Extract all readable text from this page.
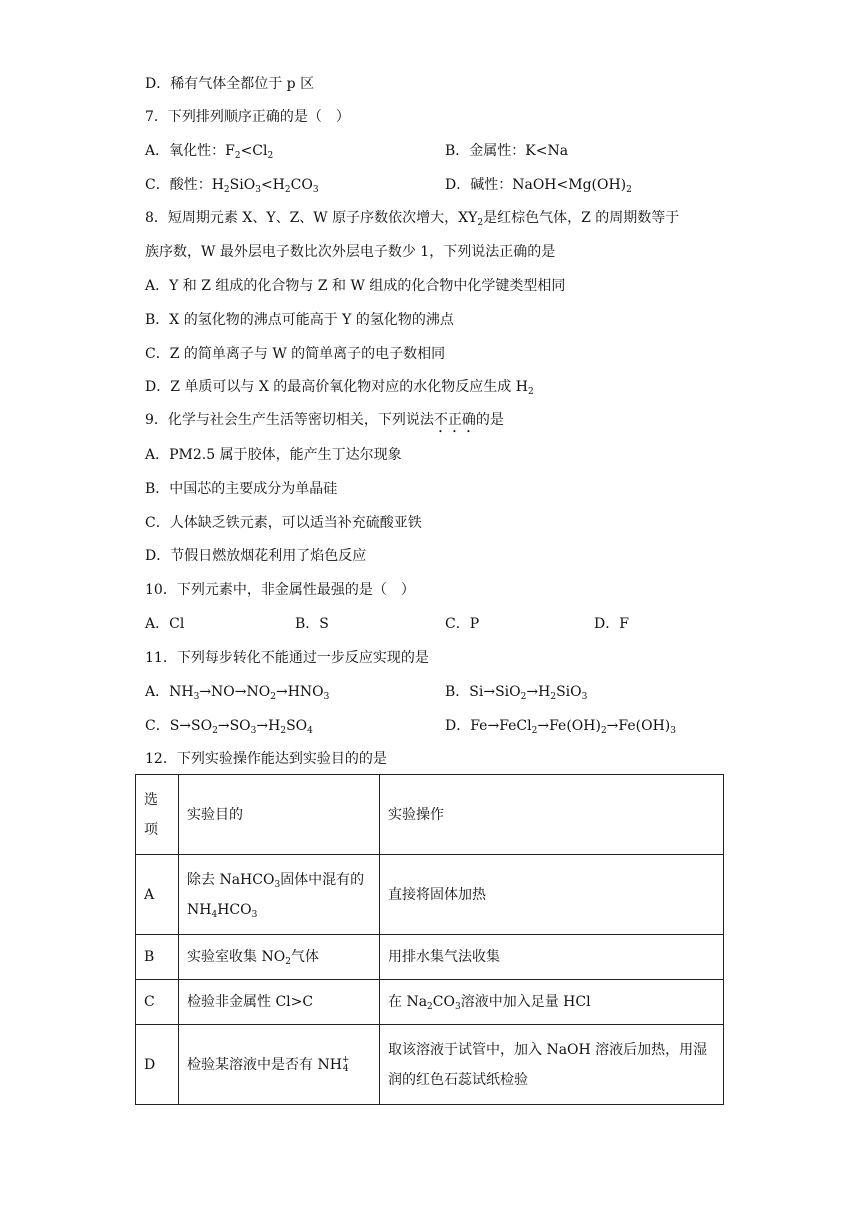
D．稀有气体全都位于 p 区
7．下列排列顺序正确的是（　）
A．氧化性：$F_2<Cl_2$	B．金属性：K<Na
C．酸性：$H_2SiO_3<H_2CO_3$	D．碱性：$NaOH<Mg(OH)_2$
8．短周期元素 X、Y、Z、W 原子序数依次增大，$XY_2$是红棕色气体，Z 的周期数等于
族序数，W 最外层电子数比次外层电子数少 1，下列说法正确的是
A．Y 和 Z 组成的化合物与 Z 和 W 组成的化合物中化学键类型相同
B．X 的氢化物的沸点可能高于 Y 的氢化物的沸点
C．Z 的简单离子与 W 的简单离子的电子数相同
D．Z 单质可以与 X 的最高价氧化物对应的水化物反应生成 $H_2$
9．化学与社会生产生活等密切相关，下列说法不正确的是
A．PM2.5 属于胶体，能产生丁达尔现象
B．中国芯的主要成分为单晶硅
C．人体缺乏铁元素，可以适当补充硫酸亚铁
D．节假日燃放烟花利用了焰色反应
10．下列元素中，非金属性最强的是（　）
A．Cl	B．S	C．P	D．F
11．下列每步转化不能通过一步反应实现的是
A．$NH_3\to NO\to NO_2\to HNO_3$	B．$Si\to SiO_2\to H_2SiO_3$
C．$S\to SO_2\to SO_3\to H_2SO_4$	D．$Fe\to FeCl_2\to Fe(OH)_2\to Fe(OH)_3$
12．下列实验操作能达到实验目的的是
选
项	实验目的	实验操作
A	除去 NaHCO$_3$固体中混有的
$NH_4HCO_3$	直接将固体加热
B	实验室收集 $NO_2$气体	用排水集气法收集
C	检验非金属性 Cl>C	在 $Na_2CO_3$溶液中加入足量 HCl
D	检验某溶液中是否有 NH+
4	取该溶液于试管中，加入 NaOH 溶液后加热，用湿
润的红色石蕊试纸检验
